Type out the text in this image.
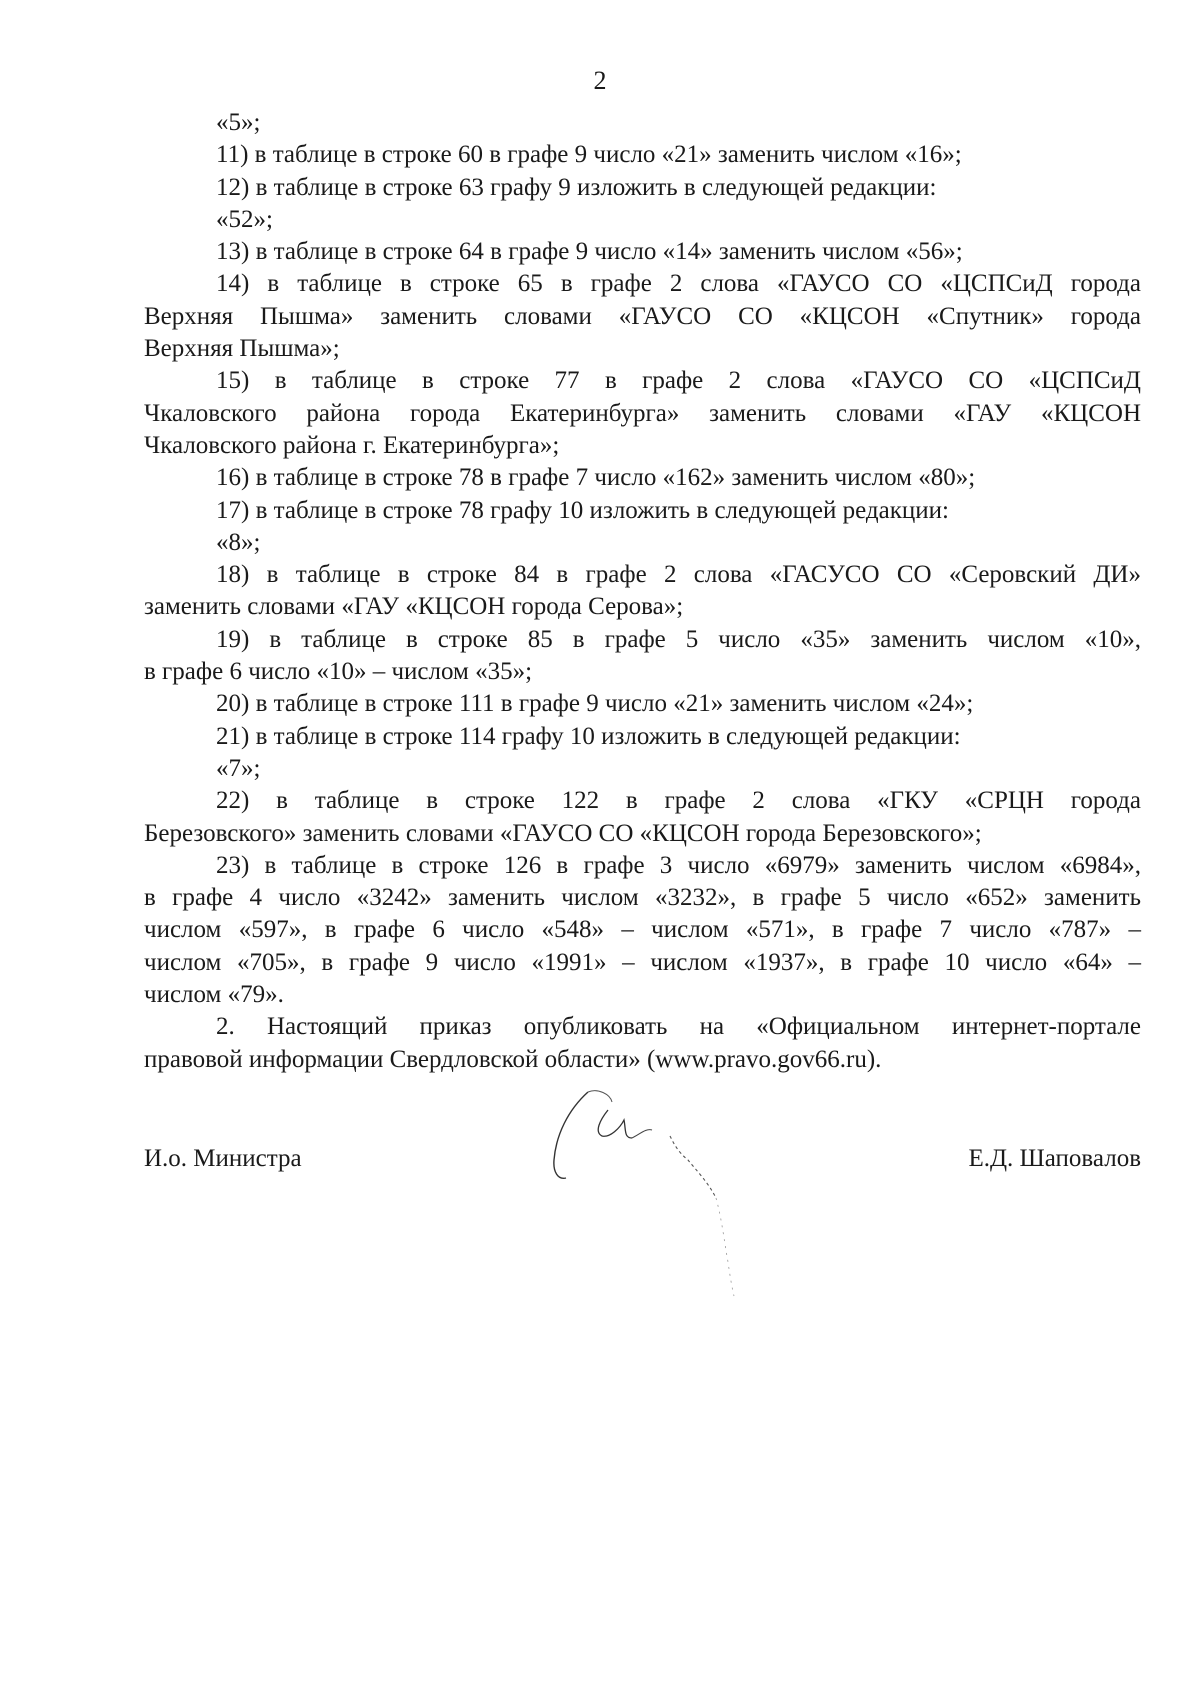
2
«5»;
11) в таблице в строке 60 в графе 9 число «21» заменить числом «16»;
12) в таблице в строке 63 графу 9 изложить в следующей редакции:
«52»;
13) в таблице в строке 64 в графе 9 число «14» заменить числом «56»;
14) в таблице в строке 65 в графе 2 слова «ГАУСО СО «ЦСПСиД города
Верхняя Пышма» заменить словами «ГАУСО СО «КЦСОН «Спутник» города
Верхняя Пышма»;
15) в таблице в строке 77 в графе 2 слова «ГАУСО СО «ЦСПСиД
Чкаловского района города Екатеринбурга» заменить словами «ГАУ «КЦСОН
Чкаловского района г. Екатеринбурга»;
16) в таблице в строке 78 в графе 7 число «162» заменить числом «80»;
17) в таблице в строке 78 графу 10 изложить в следующей редакции:
«8»;
18) в таблице в строке 84 в графе 2 слова «ГАСУСО СО «Серовский ДИ»
заменить словами «ГАУ «КЦСОН города Серова»;
19) в таблице в строке 85 в графе 5 число «35» заменить числом «10»,
в графе 6 число «10» – числом «35»;
20) в таблице в строке 111 в графе 9 число «21» заменить числом «24»;
21) в таблице в строке 114 графу 10 изложить в следующей редакции:
«7»;
22) в таблице в строке 122 в графе 2 слова «ГКУ «СРЦН города
Березовского» заменить словами «ГАУСО СО «КЦСОН города Березовского»;
23) в таблице в строке 126 в графе 3 число «6979» заменить числом «6984»,
в графе 4 число «3242» заменить числом «3232», в графе 5 число «652» заменить
числом «597», в графе 6 число «548» – числом «571», в графе 7 число «787» –
числом «705», в графе 9 число «1991» – числом «1937», в графе 10 число «64» –
числом «79».
2. Настоящий приказ опубликовать на «Официальном интернет-портале
правовой информации Свердловской области» (www.pravo.gov66.ru).
И.о. Министра	Е.Д. Шаповалов
